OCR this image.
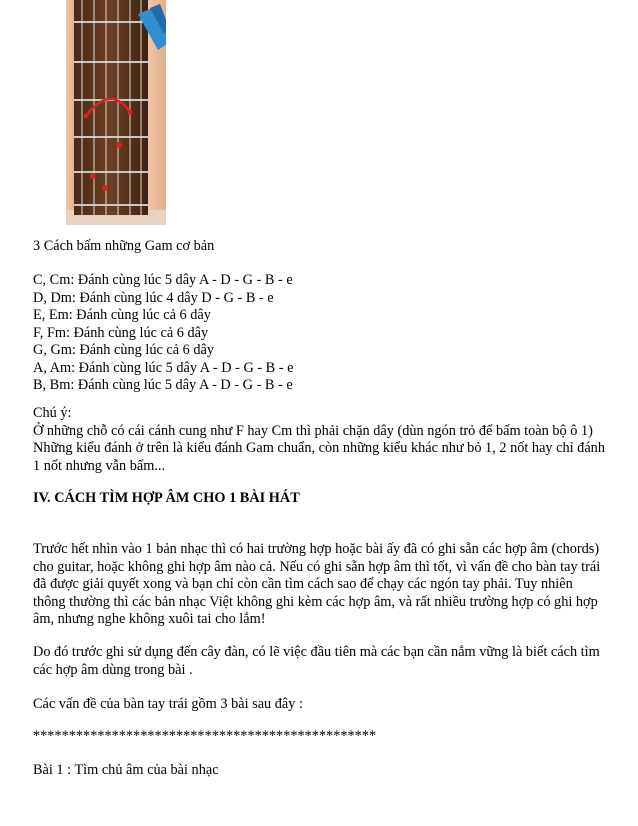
3 Cách bấm những Gam cơ bản

C, Cm: Đánh cùng lúc 5 dây A - D - G - B - e

D, Dm: Đánh cùng lúc 4 dây D - G - B - e

E, Em: Đánh cùng lúc cả 6 dây

F, Fm: Đánh cùng lúc cả 6 dây

G, Gm: Đánh cùng lúc cả 6 dây

A, Am: Đánh cùng lúc 5 dây A - D - G - B - e

B, Bm: Đánh cùng lúc 5 dây A - D - G - B - e

Chú ý:

Ở những chỗ có cái cánh cung như F hay Cm thì phải chặn dây (dùn ngón trỏ để bấm toàn bộ ô 1)

Những kiểu đánh ở trên là kiểu đánh Gam chuẩn, còn những kiểu khác như bỏ 1, 2 nốt hay chỉ đánh

1 nốt nhưng vẫn bấm...

IV. CÁCH TÌM HỢP ÂM CHO 1 BÀI HÁT

Trước hết nhìn vào 1 bản nhạc thì có hai trường hợp hoặc bài ấy đã có ghi sẵn các hợp âm (chords)

cho guitar, hoặc không ghi hợp âm nào cả. Nếu có ghi sẵn hợp âm thì tốt, vì vấn đề cho bàn tay trái

đã được giải quyết xong và bạn chỉ còn cần tìm cách sao để chạy các ngón tay phải. Tuy nhiên

thông thường thì các bản nhạc Việt không ghi kèm các hợp âm, và rất nhiều trường hợp có ghi hợp

âm, nhưng nghe không xuôi tai cho lắm!

Do đó trước ghi sử dụng đến cây đàn, có lẽ việc đầu tiên mà các bạn cần nắm vững là biết cách tìm

các hợp âm dùng trong bài .

Các vấn đề của bàn tay trái gồm 3 bài sau đây :

************************************************

Bài 1 : Tìm chủ âm của bài nhạc
